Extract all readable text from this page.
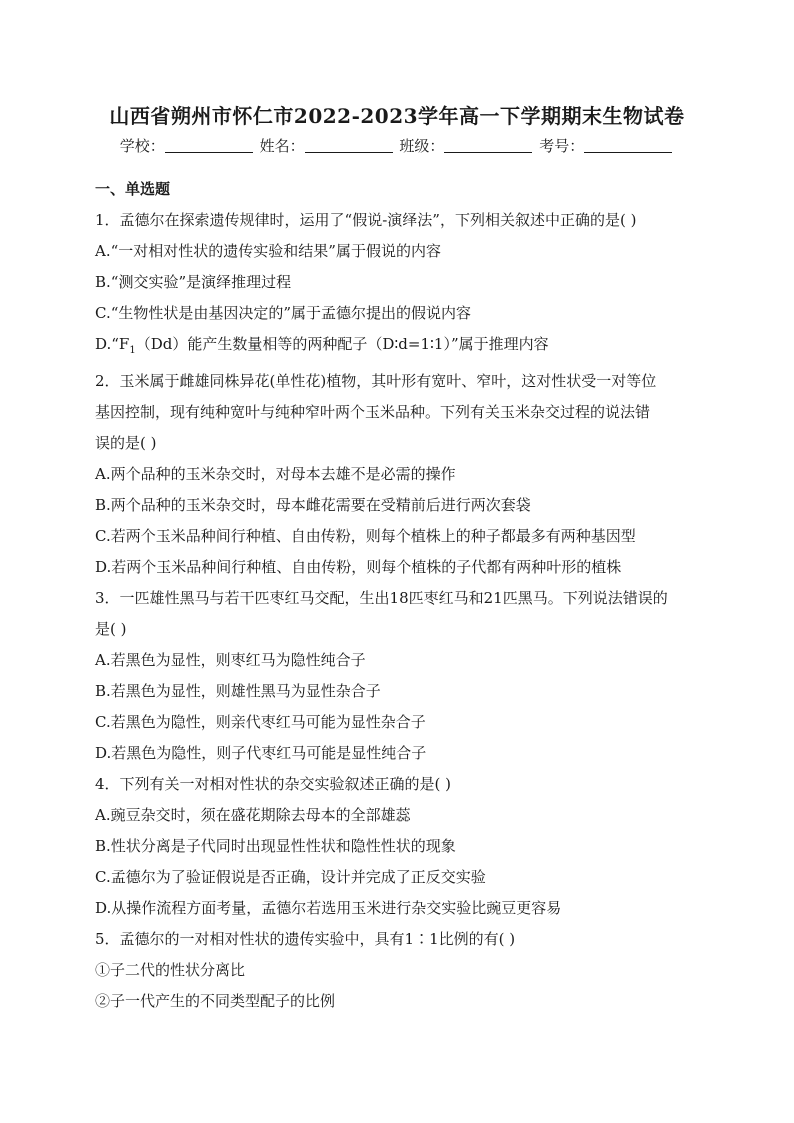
山西省朔州市怀仁市2022-2023学年高一下学期期末生物试卷
学校：	姓名：	班级：	考号：
一、单选题
1．孟德尔在探索遗传规律时，运用了“假说-演绎法”，下列相关叙述中正确的是( )
A.“一对相对性状的遗传实验和结果”属于假说的内容
B.“测交实验”是演绎推理过程
C.“生物性状是由基因决定的”属于孟德尔提出的假说内容
$D.“F_1(Dd)$能产生数量相等的两种配子（D∶d=1∶1）”属于推理内容
2．玉米属于雌雄同株异花(单性花)植物，其叶形有宽叶、窄叶，这对性状受一对等位
基因控制，现有纯种宽叶与纯种窄叶两个玉米品种。下列有关玉米杂交过程的说法错
误的是( )
A.两个品种的玉米杂交时，对母本去雄不是必需的操作
B.两个品种的玉米杂交时，母本雌花需要在受精前后进行两次套袋
C.若两个玉米品种间行种植、自由传粉，则每个植株上的种子都最多有两种基因型
D.若两个玉米品种间行种植、自由传粉，则每个植株的子代都有两种叶形的植株
3．一匹雄性黑马与若干匹枣红马交配，生出18匹枣红马和21匹黑马。下列说法错误的
是( )
A.若黑色为显性，则枣红马为隐性纯合子
B.若黑色为显性，则雄性黑马为显性杂合子
C.若黑色为隐性，则亲代枣红马可能为显性杂合子
D.若黑色为隐性，则子代枣红马可能是显性纯合子
4．下列有关一对相对性状的杂交实验叙述正确的是( )
A.豌豆杂交时，须在盛花期除去母本的全部雄蕊
B.性状分离是子代同时出现显性性状和隐性性状的现象
C.孟德尔为了验证假说是否正确，设计并完成了正反交实验
D.从操作流程方面考量，孟德尔若选用玉米进行杂交实验比豌豆更容易
5．孟德尔的一对相对性状的遗传实验中，具有1∶1比例的有( )
①子二代的性状分离比
②子一代产生的不同类型配子的比例
